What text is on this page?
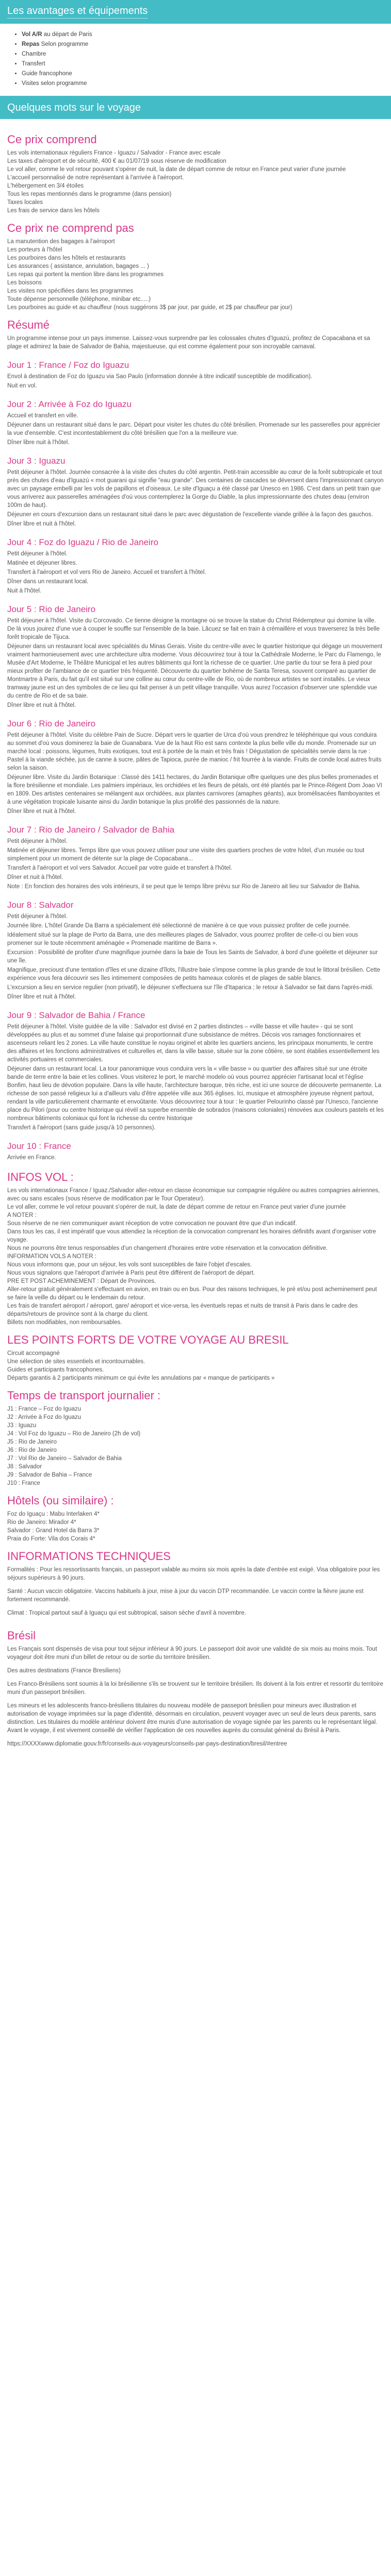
Les avantages et équipements
• Vol A/R au départ de Paris
• Repas Selon programme
• Chambre
• Transfert
• Guide francophone
• Visites selon programme
Quelques mots sur le voyage
Ce prix comprend

Les vols internationaux réguliers France - Iguazu / Salvador - France avec escale

Les taxes d'aéroport et de sécurité, 400 € au 01/07/19 sous réserve de modification

Le vol aller, comme le vol retour pouvant s'opérer de nuit, la date de départ comme de retour en France peut varier d'une journée

L'accueil personnalisé de notre représentant à l'arrivée à l'aéroport.

L'hébergement en 3/4 étoiles

Tous les repas mentionnés dans le programme (dans pension)

Taxes locales

Les frais de service dans les hôtels

Ce prix ne comprend pas

La manutention des bagages à l'aéroport

Les porteurs à l'hôtel

Les pourboires dans les hôtels et restaurants

Les assurances ( assistance, annulation, bagages ... )

Les repas qui portent la mention libre dans les programmes

Les boissons

Les visites non spécifiées dans les programmes

Toute dépense personnelle (téléphone, minibar etc.....)

Les pourboires au guide et au chauffeur (nous suggérons 3$ par jour, par guide, et 2$ par chauffeur par jour)

Résumé

Un programme intense pour un pays immense. Laissez-vous surprendre par les colossales chutes d'Iguazú, profitez de Copacabana et sa plage et admirez la baie de Salvador de Bahia, majestueuse, qui est comme également pour son incroyable carnaval.

Jour 1 : France / Foz do Iguazu

Envol à destination de Foz do Iguazu via Sao Paulo (information donnée à titre indicatif susceptible de modification).

Nuit en vol.

Jour 2 : Arrivée à Foz do Iguazu

Accueil et transfert en ville.

Déjeuner dans un restaurant situé dans le parc. Départ pour visiter les chutes du côté brésilien. Promenade sur les passerelles pour apprécier la vue d'ensemble. C'est incontestablement du côté brésilien que l'on a la meilleure vue.

Dîner libre nuit à l'hôtel.

Jour 3 : Iguazu

Petit déjeuner à l'hôtel. Journée consacrée à la visite des chutes du côté argentin. Petit-train accessible au cœur de la forêt subtropicale et tout près des chutes d'eau d'Iguazú « mot guarani qui signifie "eau grande". Des centaines de cascades se déversent dans l'impressionnant canyon avec un paysage embelli par les vols de papillons et d'oiseaux. Le site d'Iguaçu a été classé par Unesco en 1986. C'est dans un petit train que vous arriverez aux passerelles aménagées d'où vous contemplerez la Gorge du Diable, la plus impressionnante des chutes deau (environ 100m de haut).

Déjeuner en cours d'excursion dans un restaurant situé dans le parc avec dégustation de l'excellente viande grillée à la façon des gauchos.

Dîner libre et nuit à l'hôtel.

Jour 4 : Foz do Iguazu / Rio de Janeiro

Petit déjeuner à l'hôtel.

Matinée et déjeuner libres.

Transfert à l'aéroport et vol vers Rio de Janeiro. Accueil et transfert à l'hôtel.

Dîner dans un restaurant local.

Nuit à l'hôtel.

Jour 5 : Rio de Janeiro

Petit déjeuner à l'hôtel. Visite du Corcovado. Ce tienne désigne la montagne où se trouve la statue du Christ Rédempteur qui domine la ville. De là vous jouirez d'une vue à couper le souffle sur l'ensemble de la baie. Lâcuez se fait en train à crémaillère et vous traverserez la très belle forêt tropicale de Tijuca.

Déjeuner dans un restaurant local avec spécialités du Minas Gerais. Visite du centre-ville avec le quartier historique qui dégage un mouvement vraiment harmonieusement avec une architecture ultra moderne. Vous découvrirez tour à tour la Cathédrale Moderne, le Parc du Flamengo, le Musée d'Art Moderne, le Théâtre Municipal et les autres bâtiments qui font la richesse de ce quartier. Une partie du tour se fera à pied pour mieux profiter de l'ambiance de ce quartier très fréquenté. Découverte du quartier bohème de Santa Teresa, souvent comparé au quartier de Montmartre à Paris, du fait qu'il est situé sur une colline au cœur du centre-ville de Rio, où de nombreux artistes se sont installés. Le vieux tramway jaune est un des symboles de ce lieu qui fait penser à un petit village tranquille. Vous aurez l'occasion d'observer une splendide vue du centre de Rio et de sa baie.

Dîner libre et nuit à l'hôtel.

Jour 6 : Rio de Janeiro

Petit déjeuner à l'hôtel. Visite du célèbre Pain de Sucre. Départ vers le quartier de Urca d'où vous prendrez le téléphérique qui vous conduira au sommet d'où vous dominerez la baie de Guanabara. Vue de la haut Rio est sans contexte la plus belle ville du monde. Promenade sur un marché local : poissons, légumes, fruits exotiques, tout est à portée de la main et très frais ! Dégustation de spécialités servie dans la rue : Pastel à la viande séchée, jus de canne à sucre, pâtes de Tapioca, purée de manioc / frit fourrée à la viande. Fruits de conde local autres fruits selon la saison.

Déjeuner libre. Visite du Jardin Botanique : Classé dès 1411 hectares, du Jardin Botanique offre quelques une des plus belles promenades et la flore brésilienne et mondiale. Les palmiers impériaux, les orchidées et les fleurs de pétals, ont été plantés par le Prince-Régent Dom Joao VI en 1809. Des artistes centenaires se mélangent aux orchidées, aux plantes carnivores (amaphes géants), aux bromélisacées flamboyantes et à une végétation tropicale luisante ainsi du Jardin botanique la plus prolifié des passionnés de la nature.

Dîner libre et nuit à l'hôtel.

Jour 7 : Rio de Janeiro / Salvador de Bahia

Petit déjeuner à l'hôtel.

Matinée et déjeuner libres. Temps libre que vous pouvez utiliser pour une visite des quartiers proches de votre hôtel, d'un musée ou tout simplement pour un moment de détente sur la plage de Copacabana...

Transfert à l'aéroport et vol vers Salvador. Accueil par votre guide et transfert à l'hôtel.

Dîner et nuit à l'hôtel.

Note : En fonction des horaires des vols intérieurs, il se peut que le temps libre prévu sur Rio de Janeiro ait lieu sur Salvador de Bahia.

Jour 8 : Salvador

Petit déjeuner à l'hôtel.

Journée libre. L'hôtel Grande Da Barra a spécialement été sélectionné de manière à ce que vous puissiez profiter de celle journée.

Idéalement situé sur la plage de Porto da Barra, une des meilleures plages de Salvador, vous pourrez profiter de celle-ci ou bien vous promener sur le toute récemment aménagée « Promenade maritime de Barra ».

Excursion : Possibilité de profiter d'une magnifique journée dans la baie de Tous les Saints de Salvador, à bord d'une goélette et déjeuner sur une île.

Magnifique, precioust d'une tentation d'îles et une dizaine d'îlots, l'illustre baie s'impose comme la plus grande de tout le littoral brésilien. Cette expérience vous fera découvrir ses îles intimement composées de petits hameaux colorés et de plages de sable blancs.

L'excursion a lieu en service regulier (non privatif), le déjeuner s'effectuera sur l'île d'Itaparica ; le retour à Salvador se fait dans l'après-midi.

Dîner libre et nuit à l'hôtel.

Jour 9 : Salvador de Bahia / France

Petit déjeuner à l'hôtel. Visite guidée de la ville : Salvador est divisé en 2 parties distinctes – «ville basse et ville haute» - qui se sont développées au plus et au sommet d'une falaise qui proportionnait d'une subsistance de métres. Décois vos ramages fonctionnaires et ascenseurs reliant les 2 zones. La ville haute constitue le noyau originel et abrite les quartiers anciens, les principaux monuments, le centre des affaires et les fonctions administratives et culturelles et, dans la ville basse, située sur la zone côtière, se sont établies essentiellement les activités portuaires et commerciales.

Déjeuner dans un restaurant local. La tour panoramique vous conduira vers la « ville basse » ou quartier des affaires situé sur une étroite bande de terre entre la baie et les collines. Vous visiterez le port, le marché modelo où vous pourrez apprécier l'artisanat local et l'église Bonfim, haut lieu de dévotion populaire. Dans la ville haute, l'architecture baroque, très riche, est ici une source de découverte permanente. La richesse de son passé religieux lui a d'ailleurs valu d'être appelée ville aux 365 églises. Ici, musique et atmosphère joyeuse règnent partout, rendant la ville particulièrement charmante et envoûtante. Vous découvrirez tour à tour : le quartier Pelourinho classé par l'Unesco, l'ancienne place du Pilori (pour ou centre historique qui révèl sa superbe ensemble de sobrados (maisons coloniales) rénovées aux couleurs pastels et les nombreux bâtiments coloniaux qui font la richesse du centre historique

Transfert à l'aéroport (sans guide jusqu'à 10 personnes).

Jour 10 : France

Arrivée en France.

INFOS VOL :

Les vols internationaux France / Iguaz./Salvador aller-retour en classe économique sur compagnie régulière ou autres compagnies aériennes, avec ou sans escales (sous réserve de modification par le Tour Operateur).

Le vol aller, comme le vol retour pouvant s'opérer de nuit, la date de départ comme de retour en France peut varier d'une journée

A NOTER :

Sous réserve de ne rien communiquer avant réception de votre convocation ne pouvant être que d'un indicatif.

Dans tous les cas, il est impératif que vous attendiez la réception de la convocation comprenant les horaires définitifs avant d'organiser votre voyage.

Nous ne pourrons être tenus responsables d'un changement d'horaires entre votre réservation et la convocation définitive.

INFORMATION VOLS A NOTER :

Nous vous informons que, pour un séjour, les vols sont susceptibles de faire l'objet d'escales.

Nous vous signalons que l'aéroport d'arrivée à Paris peut être différent de l'aéroport de départ.

PRE ET POST ACHEMINEMENT : Départ de Provinces.

Aller-retour gratuit généralement s'effectuant en avion, en train ou en bus. Pour des raisons techniques, le pré et/ou post acheminement peut se faire la veille du départ ou le lendemain du retour.

Les frais de transfert aéroport / aéroport, gare/ aéroport et vice-versa, les éventuels repas et nuits de transit à Paris dans le cadre des départs/retours de province sont à la charge du client.

Billets non modifiables, non remboursables.

LES POINTS FORTS DE VOTRE VOYAGE AU BRESIL

Circuit accompagné

Une sélection de sites essentiels et incontournables.

Guides et participants francophones.

Départs garantis à 2 participants minimum ce qui évite les annulations par « manque de participants »

Temps de transport journalier :

J1 : France – Foz do Iguazu

J2 : Arrivée à Foz do Iguazu

J3 : Iguazu

J4 : Vol Foz do Iguazu – Rio de Janeiro (2h de vol)

J5 : Rio de Janeiro

J6 : Rio de Janeiro

J7 : Vol Rio de Janeiro – Salvador de Bahia

J8 : Salvador

J9 : Salvador de Bahia – France

J10 : France

Hôtels (ou similaire) :

Foz do Iguaçu : Mabu Interlaken 4*

Rio de Janeiro: Mirador 4*

Salvador : Grand Hotel da Barra 3*

Praia do Forte: Vila dos Corais 4*

INFORMATIONS TECHNIQUES

Formalités : Pour les ressortissants français, un passeport valable au moins six mois après la date d'entrée est exigé. Visa obligatoire pour les séjours supérieurs à 90 jours.

Santé : Aucun vaccin obligatoire. Vaccins habituels à jour, mise à jour du vaccin DTP recommandée. Le vaccin contre la fièvre jaune est fortement recommandé.

Climat : Tropical partout sauf à Iguaçu qui est subtropical, saison sèche d'avril à novembre.

Brésil

Les Français sont dispensés de visa pour tout séjour inférieur à 90 jours. Le passeport doit avoir une validité de six mois au moins mois. Tout voyageur doit être muni d'un billet de retour ou de sortie du territoire brésilien.

Des autres destinations (France Bresiliens)

Les Franco-Brésiliens sont soumis à la loi brésilienne s'ils se trouvent sur le territoire brésilien. Ils doivent à la fois entrer et ressortir du territoire muni d'un passeport brésilien.

Les mineurs et les adolescents franco-brésiliens titulaires du nouveau modèle de passeport brésilien pour mineurs avec illustration et autorisation de voyage imprimées sur la page d'identité, désormais en circulation, peuvent voyager avec un seul de leurs deux parents, sans distinction. Les titulaires du modèle antérieur doivent être munis d'une autorisation de voyage signée par les parents ou le représentant légal. Avant le voyage, il est vivement conseillé de vérifier l'application de ces nouvelles auprès du consulat général du Brésil à Paris.

https://XXXXwww.diplomatie.gouv.fr/fr/conseils-aux-voyageurs/conseils-par-pays-destination/bresil/#entree
